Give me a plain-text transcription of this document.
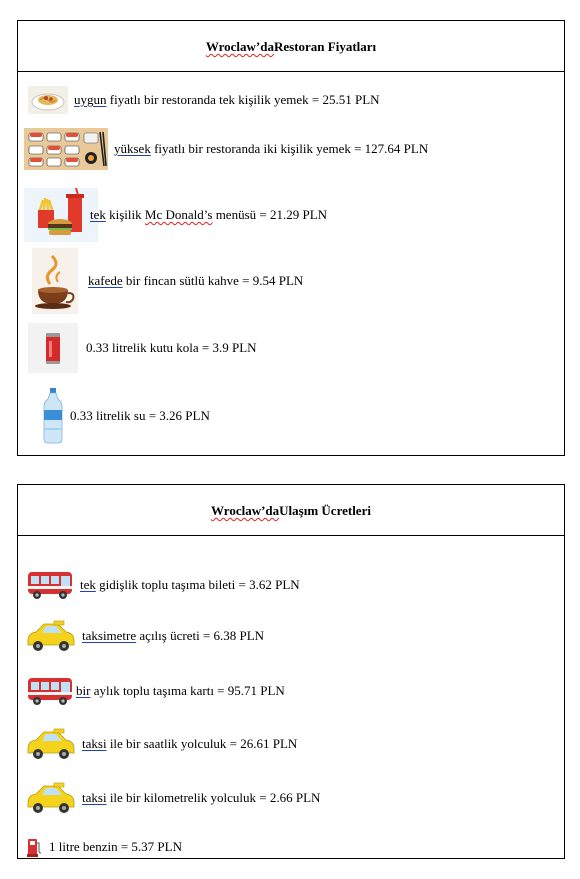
Wroclaw’da Restoran Fiyatları
uygun fiyatlı bir restoranda tek kişilik yemek = 25.51 PLN
yüksek fiyatlı bir restoranda iki kişilik yemek = 127.64 PLN
tek kişilik Mc Donald’s menüsü = 21.29 PLN
kafede bir fincan sütlü kahve = 9.54 PLN
0.33 litrelik kutu kola = 3.9 PLN
0.33 litrelik su = 3.26 PLN
Wroclaw’da Ulaşım Ücretleri
tek gidişlik toplu taşıma bileti = 3.62 PLN
taksimetre açılış ücreti = 6.38 PLN
bir aylık toplu taşıma kartı = 95.71 PLN
taksi ile bir saatlik yolculuk = 26.61 PLN
taksi ile bir kilometrelik yolculuk = 2.66 PLN
1 litre benzin = 5.37 PLN
